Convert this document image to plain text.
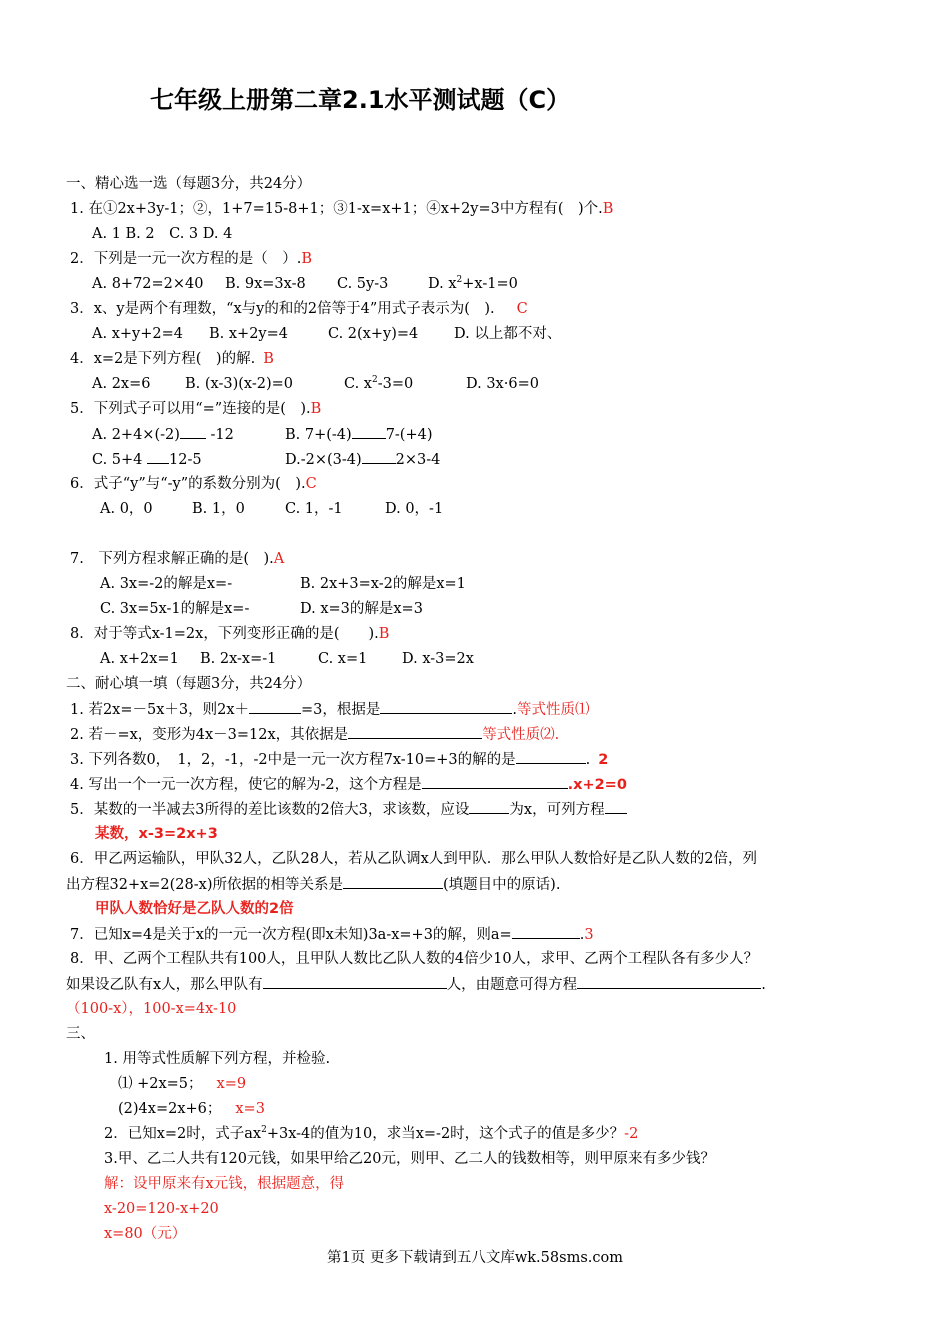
七年级上册第二章2.1水平测试题（C）
一、精心选一选（每题3分，共24分）
1. 在①2x+3y-1；②，1+7=15-8+1；③1-x=x+1；④x+2y=3中方程有(　)个.B
A. 1 B. 2　C. 3 D. 4
2．下列是一元一次方程的是（　）.B
A. 8+72=2×40 B. 9x=3x-8 C. 5y-3	D. $x^2+x-1=0$
3．x、y是两个有理数，“x与y的和的2倍等于4”用式子表示为(　). C
A. x+y+2=4 B. x+2y=4	C. 2(x+y)=4 D. 以上都不对、
4．x=2是下列方程(　)的解. B
A. 2x=6 B. (x-3)(x-2)=0	C. $x^2-3=0$	D. 3x·6=0
5．下列式子可以用“=”连接的是(　).B
A. 2+4×(-2) -12	B. 7+(-4) 7-(+4)
C. 5+4 12-5	D.-2×(3-4) 2×3-4
6．式子“y”与“-y”的系数分别为(　).C
A. 0，0	B. 1，0	C. 1，-1	D. 0，-1
7.　下列方程求解正确的是(　).A
A. 3x=-2的解是x=-	B. 2x+3=x-2的解是x=1
C. 3x=5x-1的解是x=-	D. x=3的解是x=3
8．对于等式x-1=2x，下列变形正确的是(　　).B
A. x+2x=1 B. 2x-x=-1	C. x=1 D. x-3=2x
二、耐心填一填（每题3分，共24分）
1. 若2x=－5x＋3，则2x＋	=3，根据是	.等式性质⑴
2. 若－=x，变形为4x－3=12x，其依据是	等式性质⑵.
3. 下列各数0，　1，2，-1，-2中是一元一次方程7x-10=+3的解的是	. 2
4. 写出一个一元一次方程，使它的解为-2，这个方程是	.x+2=0
5．某数的一半减去3所得的差比该数的2倍大3，求该数，应设	为x，可列方程
某数，x-3=2x+3
6．甲乙两运输队，甲队32人，乙队28人，若从乙队调x人到甲队．那么甲队人数恰好是乙队人数的2倍，列
出方程32+x=2(28-x)所依据的相等关系是	(填题目中的原话).
甲队人数恰好是乙队人数的2倍
7．已知x=4是关于x的一元一次方程(即x未知)3a-x=+3的解，则a=	.3
8．甲、乙两个工程队共有100人，且甲队人数比乙队人数的4倍少10人，求甲、乙两个工程队各有多少人？
如果设乙队有x人，那么甲队有	人，由题意可得方程	.
（100-x），100-x=4x-10
三、
1. 用等式性质解下列方程，并检验.
⑴ +2x=5； x=9
(2)4x=2x+6； x=3
2．已知x=2时，式子$ax^2+3x-4$的值为10，求当x=-2时，这个式子的值是多少？-2
3.甲、乙二人共有120元钱，如果甲给乙20元，则甲、乙二人的钱数相等，则甲原来有多少钱？
解：设甲原来有x元钱，根据题意，得
x-20=120-x+20
x=80（元）
第1页 更多下载请到五八文库wk.58sms.com
